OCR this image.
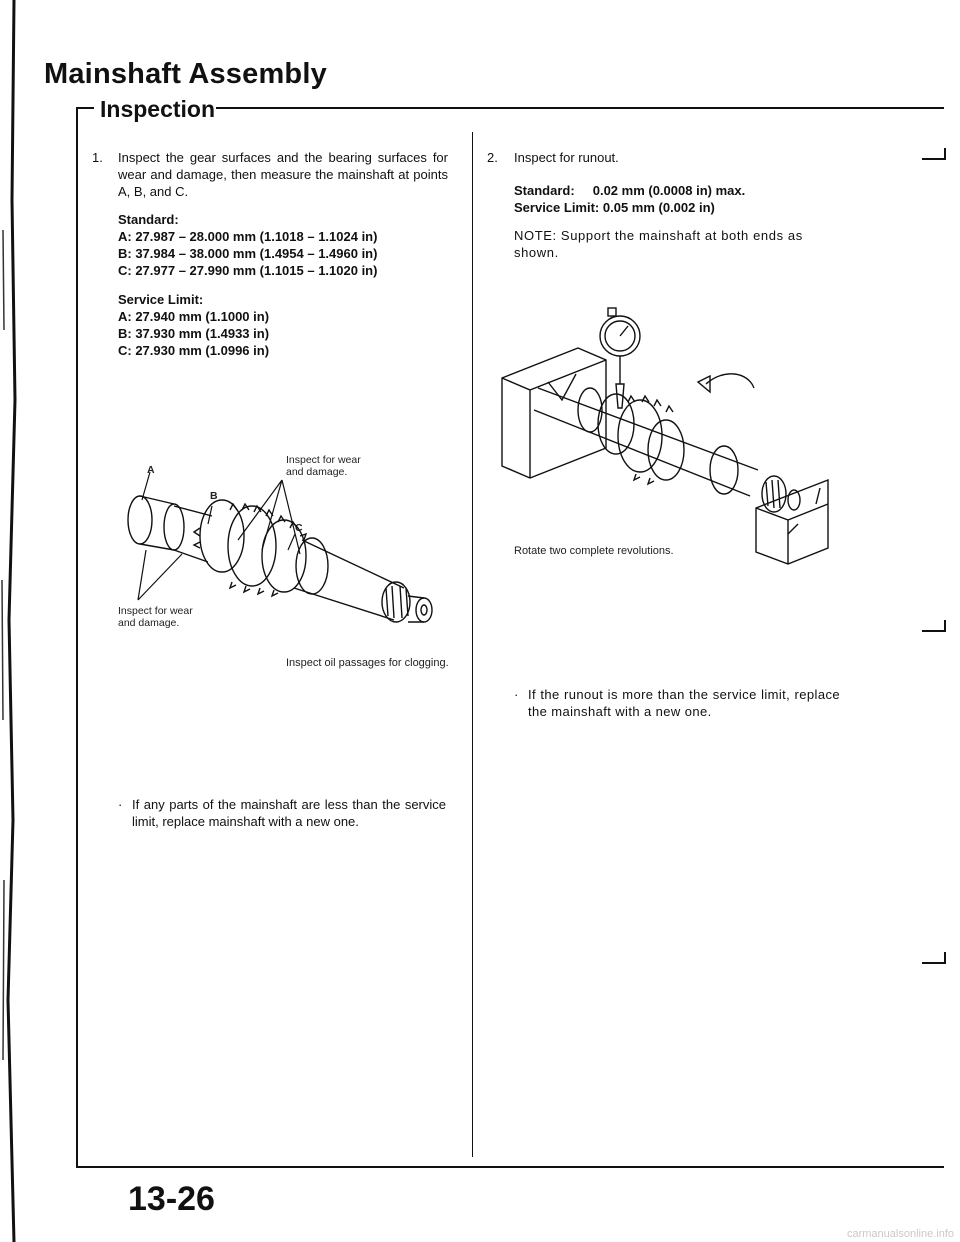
Mainshaft Assembly
Inspection
1. Inspect the gear surfaces and the bearing surfaces for wear and damage, then measure the mainshaft at points A, B, and C.
Standard:
A: 27.987 – 28.000 mm (1.1018 – 1.1024 in)
B: 37.984 – 38.000 mm (1.4954 – 1.4960 in)
C: 27.977 – 27.990 mm (1.1015 – 1.1020 in)
Service Limit:
A: 27.940 mm (1.1000 in)
B: 37.930 mm (1.4933 in)
C: 27.930 mm (1.0996 in)
Inspect for wear and damage.
Inspect for wear and damage.
A
B
C
Inspect oil passages for clogging.
· If any parts of the mainshaft are less than the service limit, replace mainshaft with a new one.
2. Inspect for runout.
Standard:     0.02 mm (0.0008 in) max.
Service Limit: 0.05 mm (0.002 in)
NOTE: Support the mainshaft at both ends as shown.
Rotate two complete revolutions.
· If the runout is more than the service limit, replace the mainshaft with a new one.
13-26
carmanualsonline.info
